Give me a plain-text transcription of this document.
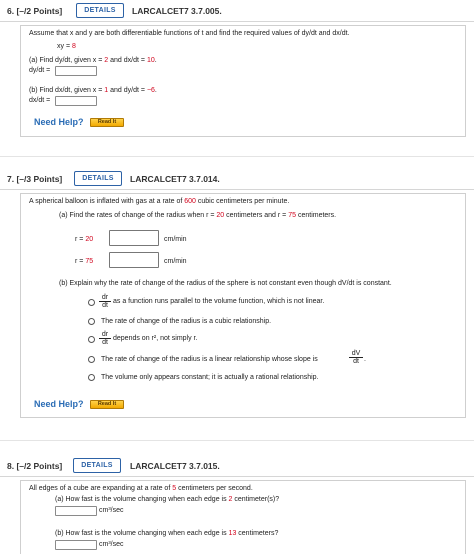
6. [–/2 Points]	DETAILS	LARCALCET7 3.7.005.
Assume that x and y are both differentiable functions of t and find the required values of dy/dt and dx/dt.
xy = 8
(a) Find dy/dt, given x = 2 and dx/dt = 10.
dy/dt =
(b) Find dx/dt, given x = 1 and dy/dt = −6.
dx/dt =
Need Help?	Read It
7. [–/3 Points]	DETAILS	LARCALCET7 3.7.014.
A spherical balloon is inflated with gas at a rate of 600 cubic centimeters per minute.
(a) Find the rates of change of the radius when r = 20 centimeters and r = 75 centimeters.
r = 20	cm/min
r = 75	cm/min
(b) Explain why the rate of change of the radius of the sphere is not constant even though dV/dt is constant.
$\frac{dr}{dt}$ as a function runs parallel to the volume function, which is not linear.
The rate of change of the radius is a cubic relationship.
$\frac{dr}{dt}$ depends on r², not simply r.
The rate of change of the radius is a linear relationship whose slope is	$\frac{dV}{dt}$ .
The volume only appears constant; it is actually a rational relationship.
Need Help?	Read It
8. [–/2 Points]	DETAILS	LARCALCET7 3.7.015.
All edges of a cube are expanding at a rate of 5 centimeters per second.
(a) How fast is the volume changing when each edge is 2 centimeter(s)?
cm³/sec
(b) How fast is the volume changing when each edge is 13 centimeters?
cm³/sec
